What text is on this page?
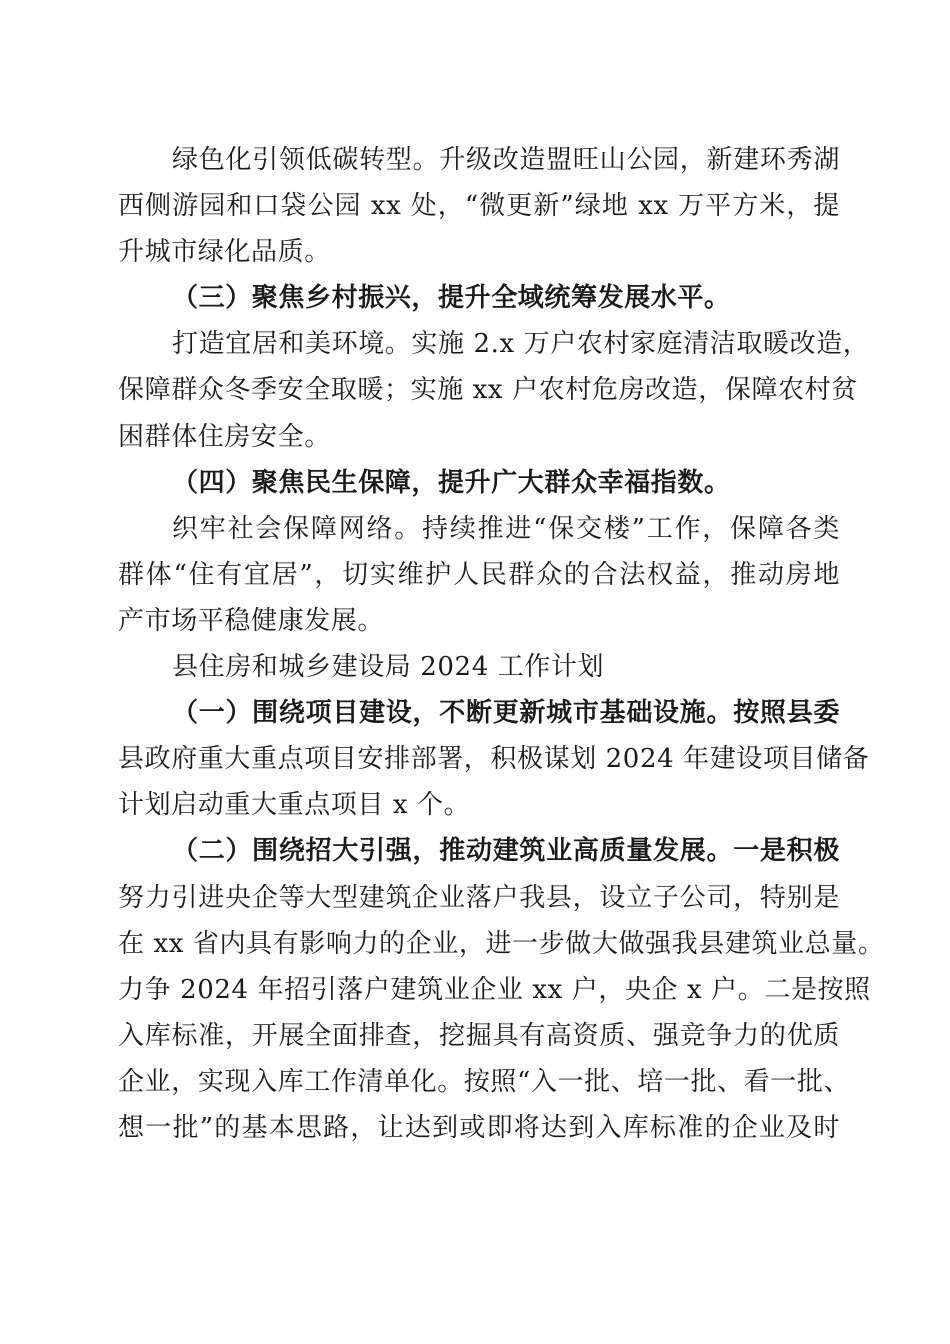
绿色化引领低碳转型。升级改造盟旺山公园，新建环秀湖
西侧游园和口袋公园 xx 处，“微更新”绿地 xx 万平方米，提
升城市绿化品质。
（三）聚焦乡村振兴，提升全域统筹发展水平。
打造宜居和美环境。实施 2.x 万户农村家庭清洁取暖改造，
保障群众冬季安全取暖；实施 xx 户农村危房改造，保障农村贫
困群体住房安全。
（四）聚焦民生保障，提升广大群众幸福指数。
织牢社会保障网络。持续推进“保交楼”工作，保障各类
群体“住有宜居”，切实维护人民群众的合法权益，推动房地
产市场平稳健康发展。
县住房和城乡建设局 2024 工作计划
（一）围绕项目建设，不断更新城市基础设施。按照县委
县政府重大重点项目安排部署，积极谋划 2024 年建设项目储备
计划启动重大重点项目 x 个。
（二）围绕招大引强，推动建筑业高质量发展。一是积极
努力引进央企等大型建筑企业落户我县，设立子公司，特别是
在 xx 省内具有影响力的企业，进一步做大做强我县建筑业总量。
力争 2024 年招引落户建筑业企业 xx 户，央企 x 户。二是按照
入库标准，开展全面排查，挖掘具有高资质、强竞争力的优质
企业，实现入库工作清单化。按照“入一批、培一批、看一批、
想一批”的基本思路，让达到或即将达到入库标准的企业及时
